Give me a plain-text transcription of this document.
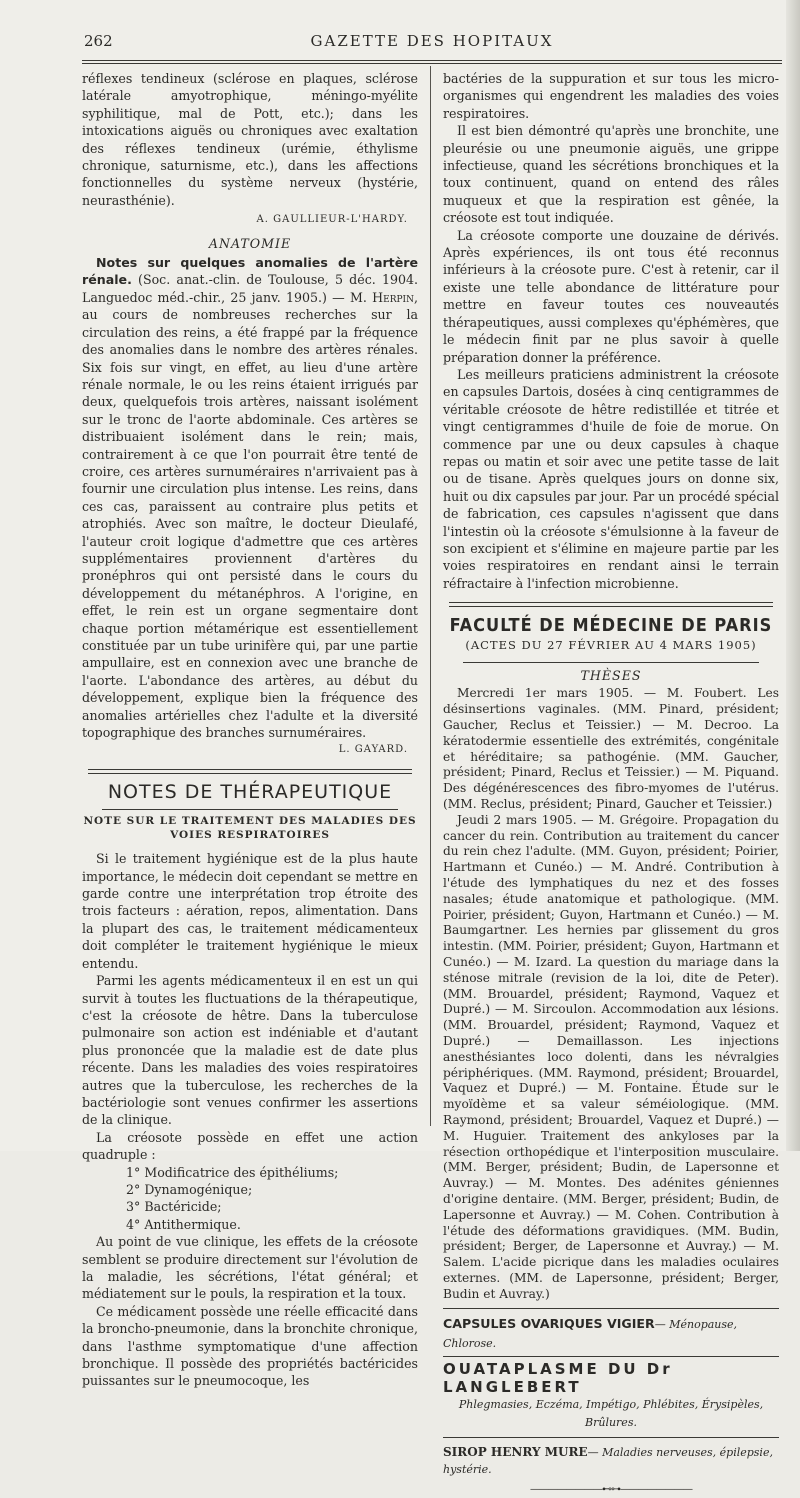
262	GAZETTE DES HOPITAUX

réflexes tendineux (sclérose en plaques, sclérose latérale amyotrophique, méningo-myélite syphilitique, mal de Pott, etc.); dans les intoxications aiguës ou chroniques avec exaltation des réflexes tendineux (urémie, éthylisme chronique, saturnisme, etc.), dans les affections fonctionnelles du système nerveux (hystérie, neurasthénie).

A. GAULLIEUR-L'HARDY.
ANATOMIE

Notes sur quelques anomalies de l'artère rénale. (Soc. anat.-clin. de Toulouse, 5 déc. 1904. Languedoc méd.-chir., 25 janv. 1905.) — M. Herpin, au cours de nombreuses recherches sur la circulation des reins, a été frappé par la fréquence des anomalies dans le nombre des artères rénales. Six fois sur vingt, en effet, au lieu d'une artère rénale normale, le ou les reins étaient irrigués par deux, quelquefois trois artères, naissant isolément sur le tronc de l'aorte abdominale. Ces artères se distribuaient isolément dans le rein; mais, contrairement à ce que l'on pourrait être tenté de croire, ces artères surnuméraires n'arrivaient pas à fournir une circulation plus intense. Les reins, dans ces cas, paraissent au contraire plus petits et atrophiés. Avec son maître, le docteur Dieulafé, l'auteur croit logique d'admettre que ces artères supplémentaires proviennent d'artères du pronéphros qui ont persisté dans le cours du développement du métanéphros. A l'origine, en effet, le rein est un organe segmentaire dont chaque portion métamérique est essentiellement constituée par un tube urinifère qui, par une partie ampullaire, est en connexion avec une branche de l'aorte. L'abondance des artères, au début du développement, explique bien la fréquence des anomalies artérielles chez l'adulte et la diversité topographique des branches surnuméraires.

L. GAYARD.
NOTES DE THÉRAPEUTIQUE
NOTE SUR LE TRAITEMENT DES MALADIES DES VOIES RESPIRATOIRES

Si le traitement hygiénique est de la plus haute importance, le médecin doit cependant se mettre en garde contre une interprétation trop étroite des trois facteurs : aération, repos, alimentation. Dans la plupart des cas, le traitement médicamenteux doit compléter le traitement hygiénique le mieux entendu.

Parmi les agents médicamenteux il en est un qui survit à toutes les fluctuations de la thérapeutique, c'est la créosote de hêtre. Dans la tuberculose pulmonaire son action est indéniable et d'autant plus prononcée que la maladie est de date plus récente. Dans les maladies des voies respiratoires autres que la tuberculose, les recherches de la bactériologie sont venues confirmer les assertions de la clinique.

La créosote possède en effet une action quadruple :

1° Modificatrice des épithéliums;
2° Dynamogénique;
3° Bactéricide;
4° Antithermique.

Au point de vue clinique, les effets de la créosote semblent se produire directement sur l'évolution de la maladie, les sécrétions, l'état général; et médiatement sur le pouls, la respiration et la toux.

Ce médicament possède une réelle efficacité dans la broncho-pneumonie, dans la bronchite chronique, dans l'asthme symptomatique d'une affection bronchique. Il possède des propriétés bactéricides puissantes sur le pneumocoque, les

bactéries de la suppuration et sur tous les micro-organismes qui engendrent les maladies des voies respiratoires.

Il est bien démontré qu'après une bronchite, une pleurésie ou une pneumonie aiguës, une grippe infectieuse, quand les sécrétions bronchiques et la toux continuent, quand on entend des râles muqueux et que la respiration est gênée, la créosote est tout indiquée.

La créosote comporte une douzaine de dérivés. Après expériences, ils ont tous été reconnus inférieurs à la créosote pure. C'est à retenir, car il existe une telle abondance de littérature pour mettre en faveur toutes ces nouveautés thérapeutiques, aussi complexes qu'éphémères, que le médecin finit par ne plus savoir à quelle préparation donner la préférence.

Les meilleurs praticiens administrent la créosote en capsules Dartois, dosées à cinq centigrammes de véritable créosote de hêtre redistillée et titrée et vingt centigrammes d'huile de foie de morue. On commence par une ou deux capsules à chaque repas ou matin et soir avec une petite tasse de lait ou de tisane. Après quelques jours on donne six, huit ou dix capsules par jour. Par un procédé spécial de fabrication, ces capsules n'agissent que dans l'intestin où la créosote s'émulsionne à la faveur de son excipient et s'élimine en majeure partie par les voies respiratoires en rendant ainsi le terrain réfractaire à l'infection microbienne.

FACULTÉ DE MÉDECINE DE PARIS
(ACTES DU 27 FÉVRIER AU 4 MARS 1905)
THÈSES

Mercredi 1er mars 1905. — M. Foubert. Les désinsertions vaginales. (MM. Pinard, président; Gaucher, Reclus et Teissier.) — M. Decroo. La kératodermie essentielle des extrémités, congénitale et héréditaire; sa pathogénie. (MM. Gaucher, président; Pinard, Reclus et Teissier.) — M. Piquand. Des dégénérescences des fibro-myomes de l'utérus. (MM. Reclus, président; Pinard, Gaucher et Teissier.)

Jeudi 2 mars 1905. — M. Grégoire. Propagation du cancer du rein. Contribution au traitement du cancer du rein chez l'adulte. (MM. Guyon, président; Poirier, Hartmann et Cunéo.) — M. André. Contribution à l'étude des lymphatiques du nez et des fosses nasales; étude anatomique et pathologique. (MM. Poirier, président; Guyon, Hartmann et Cunéo.) — M. Baumgartner. Les hernies par glissement du gros intestin. (MM. Poirier, président; Guyon, Hartmann et Cunéo.) — M. Izard. La question du mariage dans la sténose mitrale (revision de la loi, dite de Peter). (MM. Brouardel, président; Raymond, Vaquez et Dupré.) — M. Sircoulon. Accommodation aux lésions. (MM. Brouardel, président; Raymond, Vaquez et Dupré.) — Demaillasson. Les injections anesthésiantes loco dolenti, dans les névralgies périphériques. (MM. Raymond, président; Brouardel, Vaquez et Dupré.) — M. Fontaine. Étude sur le myoïdème et sa valeur séméiologique. (MM. Raymond, président; Brouardel, Vaquez et Dupré.) — M. Huguier. Traitement des ankyloses par la résection orthopédique et l'interposition musculaire. (MM. Berger, président; Budin, de Lapersonne et Auvray.) — M. Montes. Des adénites géniennes d'origine dentaire. (MM. Berger, président; Budin, de Lapersonne et Auvray.) — M. Cohen. Contribution à l'étude des déformations gravidiques. (MM. Budin, président; Berger, de Lapersonne et Auvray.) — M. Salem. L'acide picrique dans les maladies oculaires externes. (MM. de Lapersonne, président; Berger, Budin et Auvray.)

CAPSULES OVARIQUES VIGIER— Ménopause, Chlorose.
OUATAPLASME DU Dr LANGLEBERT
Phlegmasies, Eczéma, Impétigo, Phlébites, Érysipèles, Brûlures.
SIROP HENRY MURE— Maladies nerveuses, épilepsie, hystérie.
————————⊷⊶————————
